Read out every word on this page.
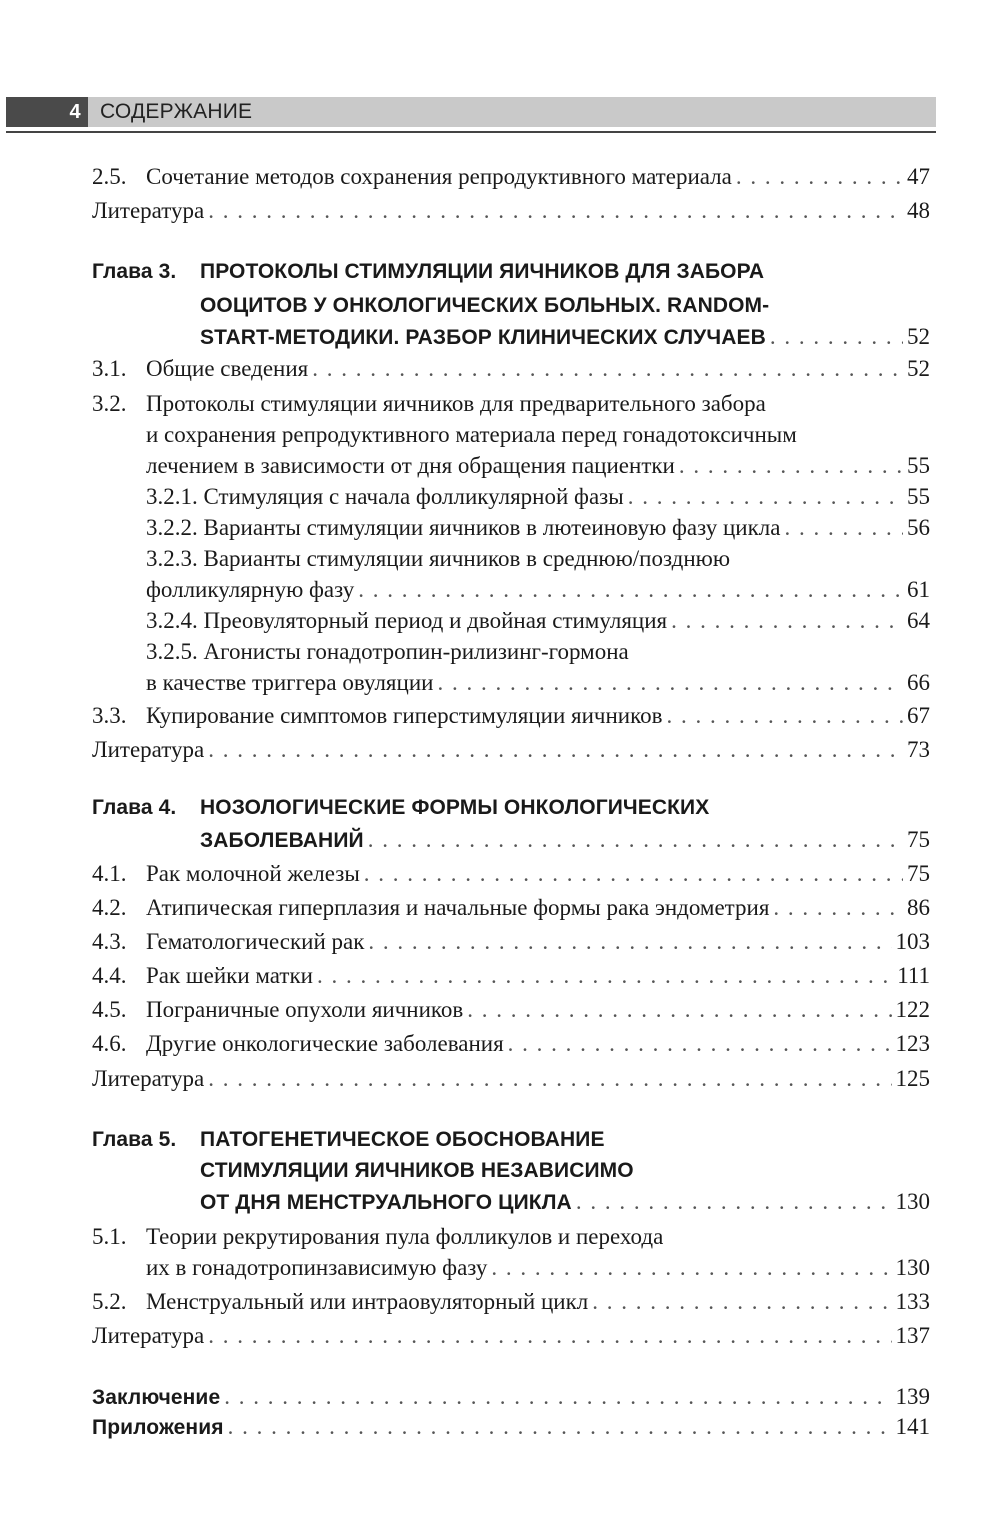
4 СОДЕРЖАНИЕ
2.5. Сочетание методов сохранения репродуктивного материала . . .	47
Литература . . .	48
Глава 3.	ПРОТОКОЛЫ СТИМУЛЯЦИИ ЯИЧНИКОВ ДЛЯ ЗАБОРА
ООЦИТОВ У ОНКОЛОГИЧЕСКИХ БОЛЬНЫХ. RANDOM-
START-МЕТОДИКИ. РАЗБОР КЛИНИЧЕСКИХ СЛУЧАЕВ . . .	52
3.1. Общие сведения . . .	52
3.2. Протоколы стимуляции яичников для предварительного забора
и сохранения репродуктивного материала перед гонадотоксичным
лечением в зависимости от дня обращения пациентки . . .	55
3.2.1. Стимуляция с начала фолликулярной фазы . . .	55
3.2.2. Варианты стимуляции яичников в лютеиновую фазу цикла . . .	56
3.2.3. Варианты стимуляции яичников в среднюю/позднюю
фолликулярную фазу . . .	61
3.2.4. Преовуляторный период и двойная стимуляция . . .	64
3.2.5. Агонисты гонадотропин-рилизинг-гормона
в качестве триггера овуляции . . .	66
3.3. Купирование симптомов гиперстимуляции яичников . . .	67
Литература . . .	73
Глава 4.	НОЗОЛОГИЧЕСКИЕ ФОРМЫ ОНКОЛОГИЧЕСКИХ
ЗАБОЛЕВАНИЙ . . .	75
4.1. Рак молочной железы . . .	75
4.2. Атипическая гиперплазия и начальные формы рака эндометрия . . .	86
4.3. Гематологический рак . . .	103
4.4. Рак шейки матки . . .	111
4.5. Пограничные опухоли яичников . . .	122
4.6. Другие онкологические заболевания . . .	123
Литература . . .	125
Глава 5.	ПАТОГЕНЕТИЧЕСКОЕ ОБОСНОВАНИЕ
СТИМУЛЯЦИИ ЯИЧНИКОВ НЕЗАВИСИМО
ОТ ДНЯ МЕНСТРУАЛЬНОГО ЦИКЛА . . .	130
5.1. Теории рекрутирования пула фолликулов и перехода
их в гонадотропинзависимую фазу . . .	130
5.2. Менструальный или интраовуляторный цикл . . .	133
Литература . . .	137
Заключение . . .	139
Приложения . . .	141
